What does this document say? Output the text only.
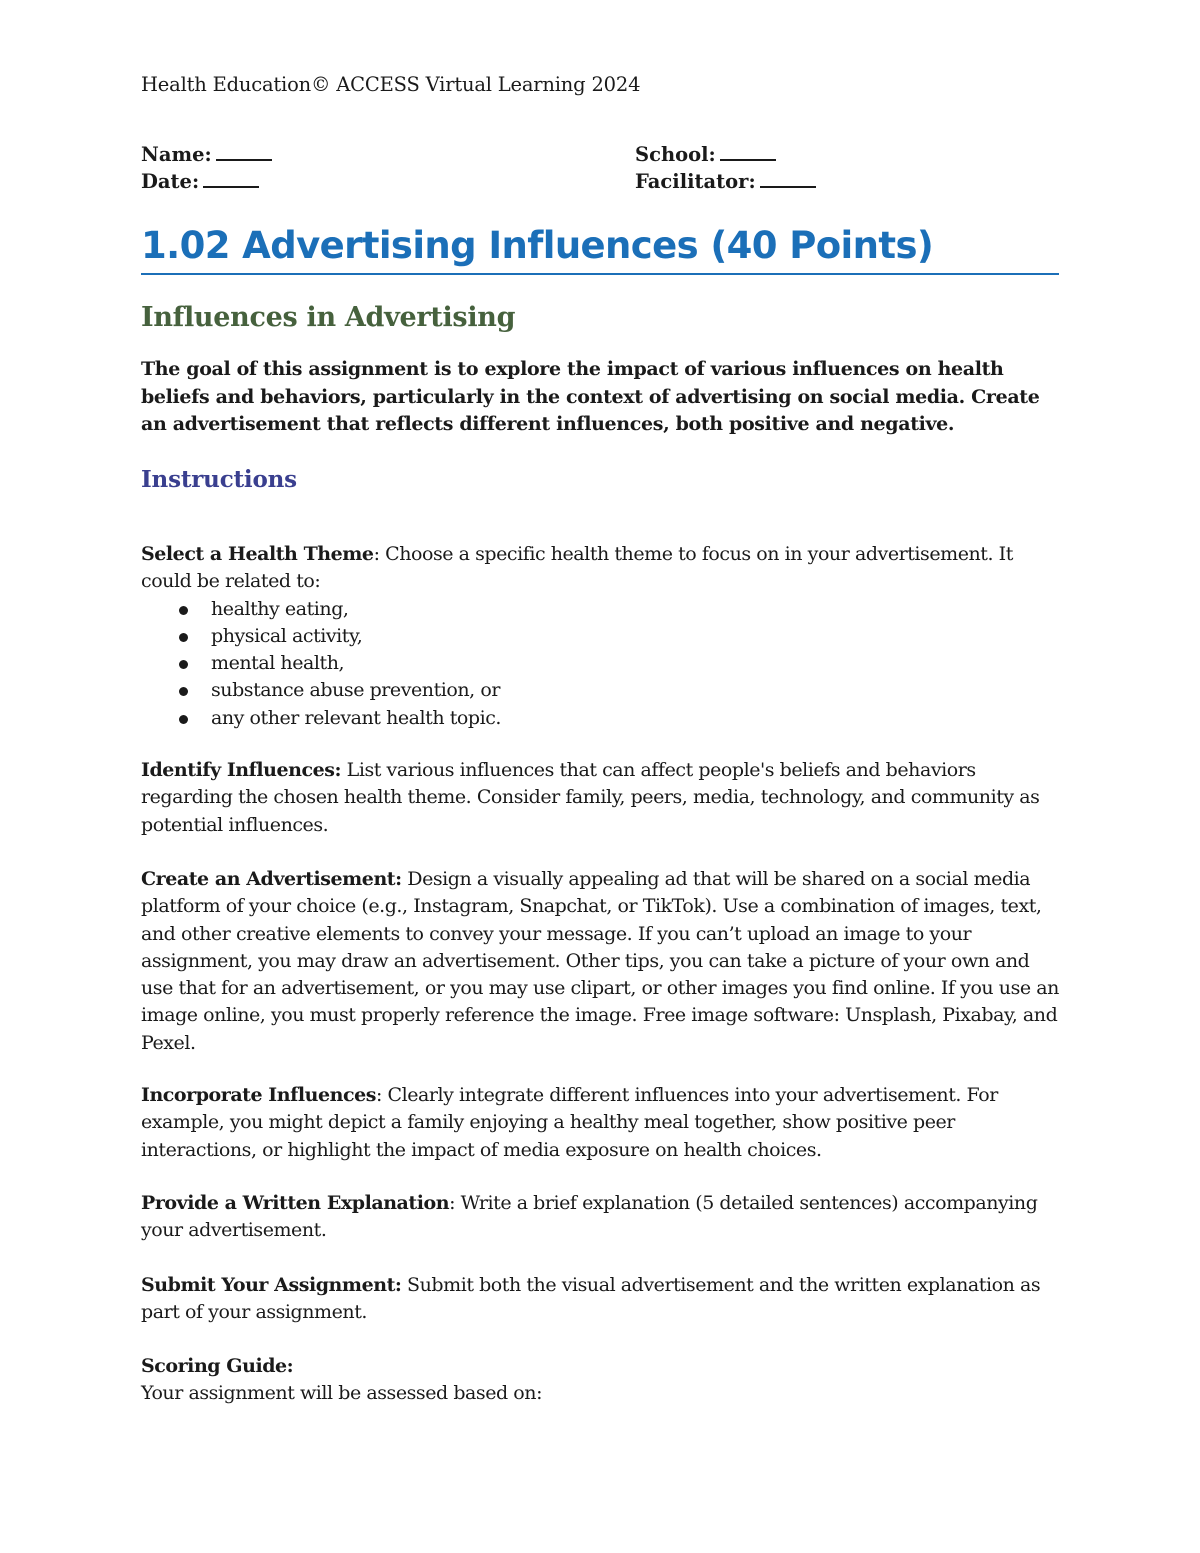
Health Education© ACCESS Virtual Learning 2024
Name:	School:
Date:	Facilitator:
1.02 Advertising Influences (40 Points)
Influences in Advertising
The goal of this assignment is to explore the impact of various influences on health beliefs and behaviors, particularly in the context of advertising on social media. Create an advertisement that reflects different influences, both positive and negative.
Instructions
Select a Health Theme: Choose a specific health theme to focus on in your advertisement. It could be related to:
healthy eating,
physical activity,
mental health,
substance abuse prevention, or
any other relevant health topic.
Identify Influences: List various influences that can affect people's beliefs and behaviors regarding the chosen health theme. Consider family, peers, media, technology, and community as potential influences.
Create an Advertisement: Design a visually appealing ad that will be shared on a social media platform of your choice (e.g., Instagram, Snapchat, or TikTok). Use a combination of images, text, and other creative elements to convey your message. If you can’t upload an image to your assignment, you may draw an advertisement. Other tips, you can take a picture of your own and use that for an advertisement, or you may use clipart, or other images you find online. If you use an image online, you must properly reference the image. Free image software: Unsplash, Pixabay, and Pexel.
Incorporate Influences: Clearly integrate different influences into your advertisement. For example, you might depict a family enjoying a healthy meal together, show positive peer interactions, or highlight the impact of media exposure on health choices.
Provide a Written Explanation: Write a brief explanation (5 detailed sentences) accompanying your advertisement.
Submit Your Assignment: Submit both the visual advertisement and the written explanation as part of your assignment.
Scoring Guide:
Your assignment will be assessed based on:
